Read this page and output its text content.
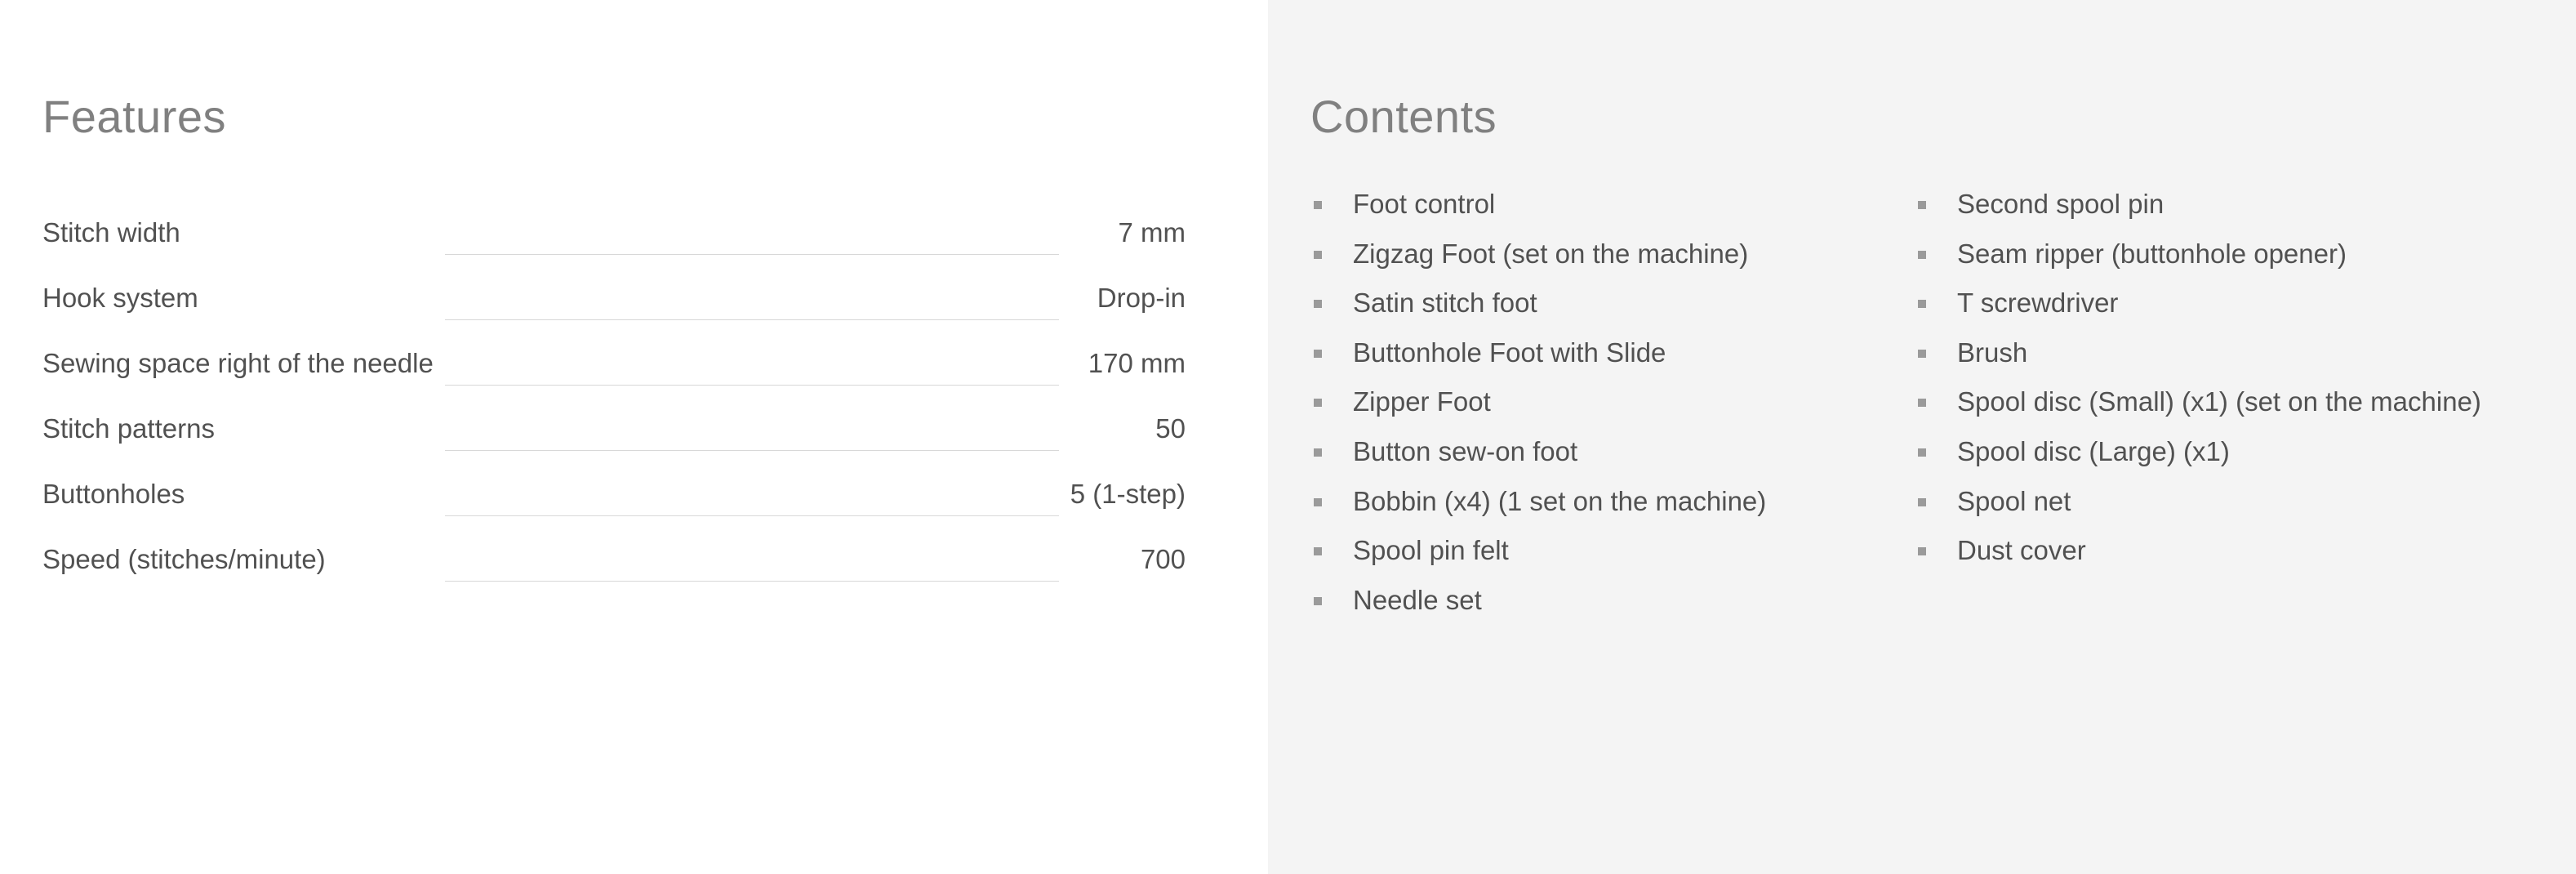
Features
Stitch width		7 mm
Hook system		Drop-in
Sewing space right of the needle		170 mm
Stitch patterns		50
Buttonholes		5 (1-step)
Speed (stitches/minute)		700
Contents
Foot control
Zigzag Foot (set on the machine)
Satin stitch foot
Buttonhole Foot with Slide
Zipper Foot
Button sew-on foot
Bobbin (x4) (1 set on the machine)
Spool pin felt
Needle set
Second spool pin
Seam ripper (buttonhole opener)
T screwdriver
Brush
Spool disc (Small) (x1) (set on the machine)
Spool disc (Large) (x1)
Spool net
Dust cover
